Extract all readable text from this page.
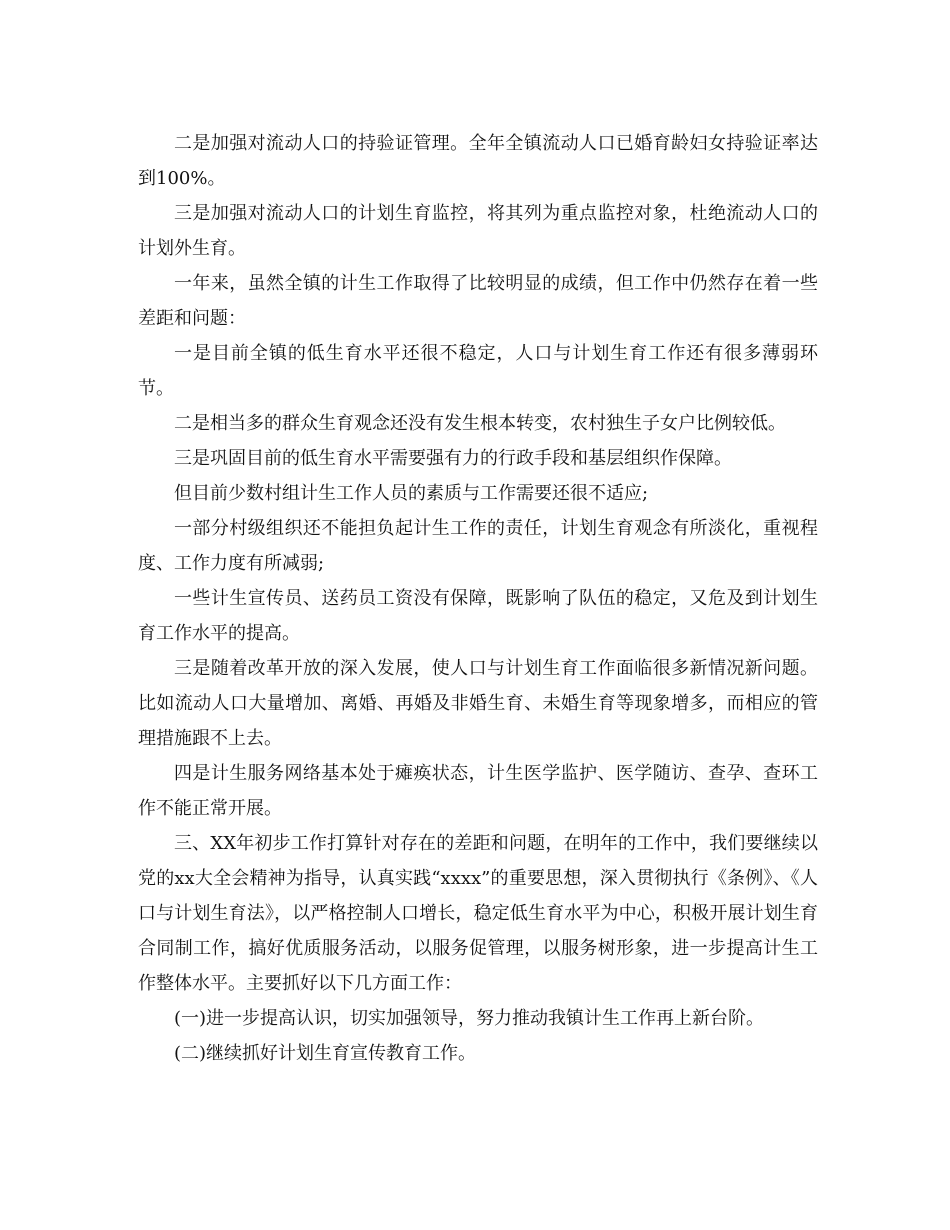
二是加强对流动人口的持验证管理。全年全镇流动人口已婚育龄妇女持验证率达到100%。

三是加强对流动人口的计划生育监控，将其列为重点监控对象，杜绝流动人口的计划外生育。

一年来，虽然全镇的计生工作取得了比较明显的成绩，但工作中仍然存在着一些差距和问题：

一是目前全镇的低生育水平还很不稳定，人口与计划生育工作还有很多薄弱环节。

二是相当多的群众生育观念还没有发生根本转变，农村独生子女户比例较低。

三是巩固目前的低生育水平需要强有力的行政手段和基层组织作保障。

但目前少数村组计生工作人员的素质与工作需要还很不适应;

一部分村级组织还不能担负起计生工作的责任，计划生育观念有所淡化，重视程度、工作力度有所减弱;

一些计生宣传员、送药员工资没有保障，既影响了队伍的稳定，又危及到计划生育工作水平的提高。

三是随着改革开放的深入发展，使人口与计划生育工作面临很多新情况新问题。比如流动人口大量增加、离婚、再婚及非婚生育、未婚生育等现象增多，而相应的管理措施跟不上去。

四是计生服务网络基本处于瘫痪状态，计生医学监护、医学随访、查孕、查环工作不能正常开展。

三、XX年初步工作打算针对存在的差距和问题，在明年的工作中，我们要继续以党的xx大全会精神为指导，认真实践“xxxx”的重要思想，深入贯彻执行《条例》、《人口与计划生育法》，以严格控制人口增长，稳定低生育水平为中心，积极开展计划生育合同制工作，搞好优质服务活动，以服务促管理，以服务树形象，进一步提高计生工作整体水平。主要抓好以下几方面工作：

(一)进一步提高认识，切实加强领导，努力推动我镇计生工作再上新台阶。

(二)继续抓好计划生育宣传教育工作。
